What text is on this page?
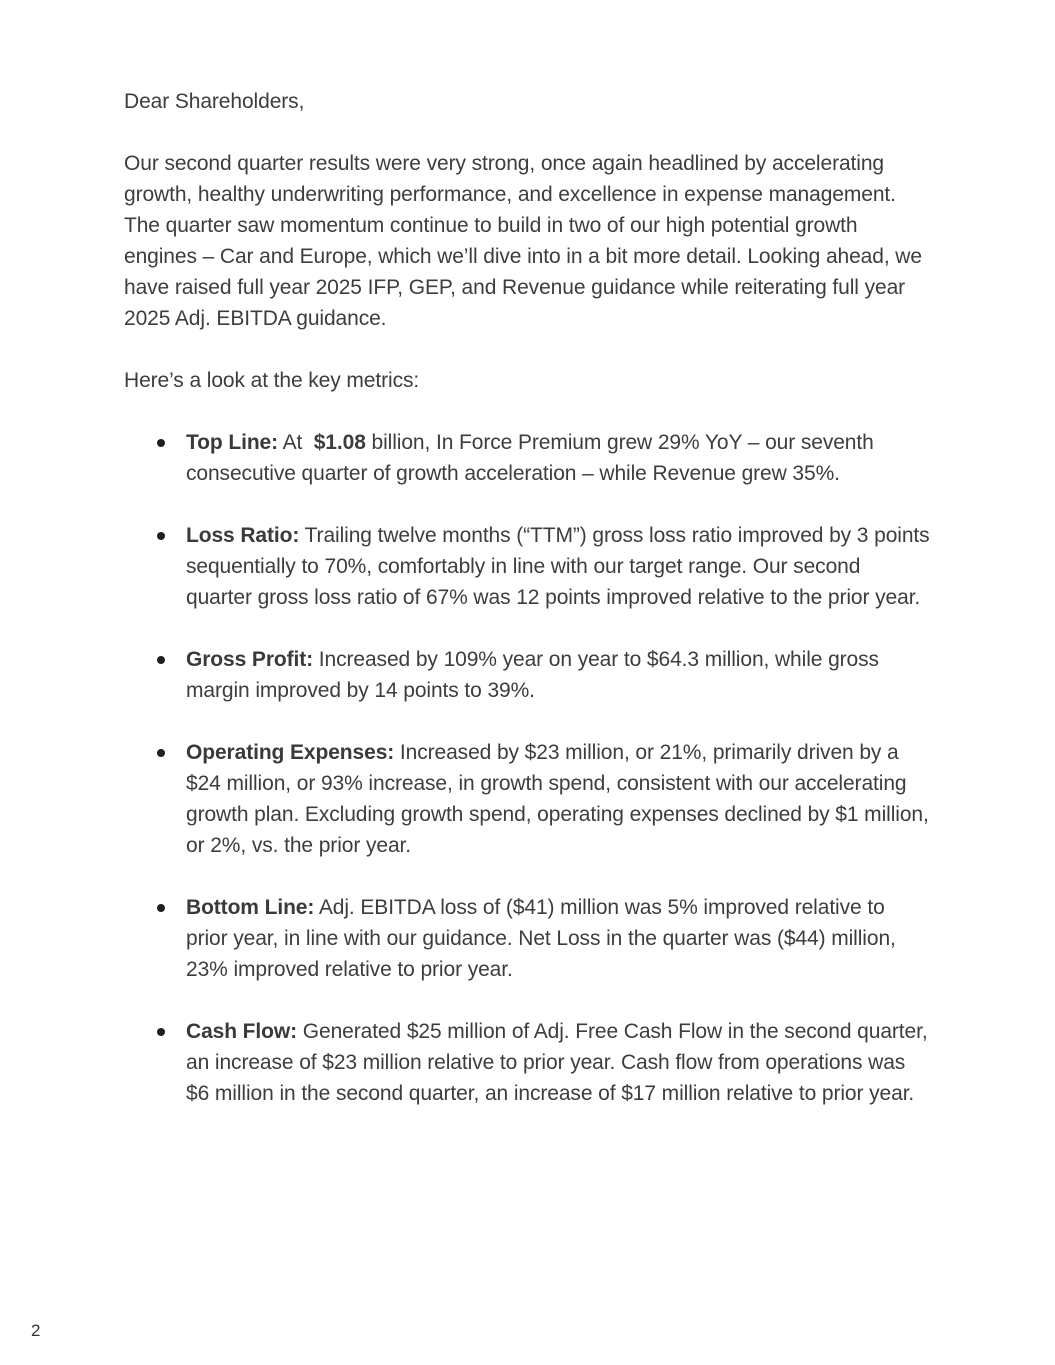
Dear Shareholders,

Our second quarter results were very strong, once again headlined by accelerating growth, healthy underwriting performance, and excellence in expense management. The quarter saw momentum continue to build in two of our high potential growth engines – Car and Europe, which we’ll dive into in a bit more detail. Looking ahead, we have raised full year 2025 IFP, GEP, and Revenue guidance while reiterating full year 2025 Adj. EBITDA guidance.

Here’s a look at the key metrics:

Top Line: At  $1.08 billion, In Force Premium grew 29% YoY – our seventh consecutive quarter of growth acceleration – while Revenue grew 35%.
Loss Ratio: Trailing twelve months (“TTM”) gross loss ratio improved by 3 points sequentially to 70%, comfortably in line with our target range. Our second quarter gross loss ratio of 67% was 12 points improved relative to the prior year.
Gross Profit: Increased by 109% year on year to $64.3 million, while gross margin improved by 14 points to 39%.
Operating Expenses: Increased by $23 million, or 21%, primarily driven by a $24 million, or 93% increase, in growth spend, consistent with our accelerating growth plan. Excluding growth spend, operating expenses declined by $1 million, or 2%, vs. the prior year.
Bottom Line: Adj. EBITDA loss of ($41) million was 5% improved relative to prior year, in line with our guidance. Net Loss in the quarter was ($44) million, 23% improved relative to prior year.
Cash Flow: Generated $25 million of Adj. Free Cash Flow in the second quarter, an increase of $23 million relative to prior year. Cash flow from operations was $6 million in the second quarter, an increase of $17 million relative to prior year.
2
